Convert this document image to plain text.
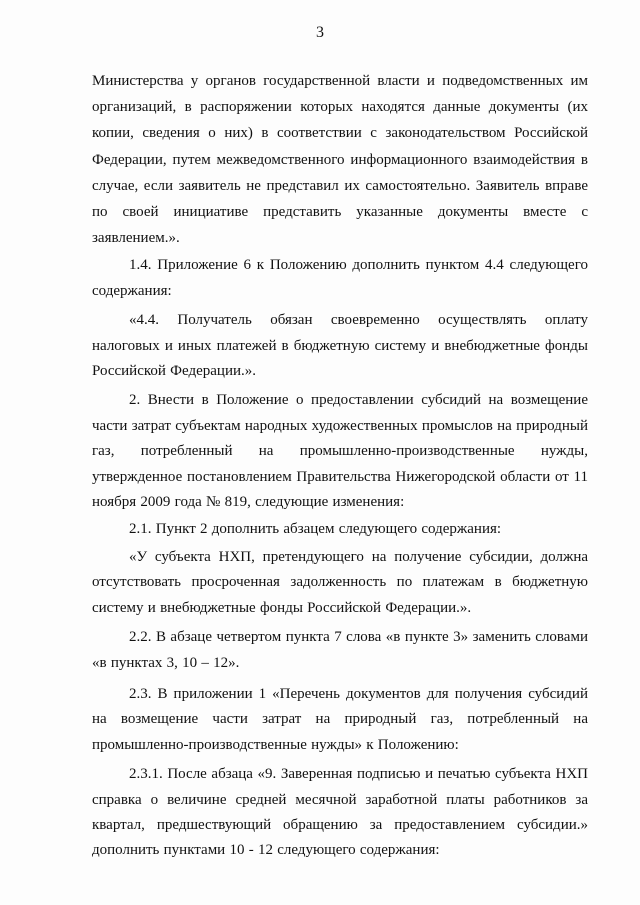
3

Министерства у органов государственной власти и подведомственных им организаций, в распоряжении которых находятся данные документы (их копии, сведения о них) в соответствии с законодательством Российской Федерации, путем межведомственного информационного взаимодействия в случае, если заявитель не представил их самостоятельно. Заявитель вправе по своей инициативе представить указанные документы вместе с заявлением.».

1.4. Приложение 6 к Положению дополнить пунктом 4.4 следующего содержания:

«4.4. Получатель обязан своевременно осуществлять оплату налоговых и иных платежей в бюджетную систему и внебюджетные фонды Российской Федерации.».

2. Внести в Положение о предоставлении субсидий на возмещение части затрат субъектам народных художественных промыслов на природный газ, потребленный на промышленно-производственные нужды, утвержденное постановлением Правительства Нижегородской области от 11 ноября 2009 года № 819, следующие изменения:

2.1. Пункт 2 дополнить абзацем следующего содержания:

«У субъекта НХП, претендующего на получение субсидии, должна отсутствовать просроченная задолженность по платежам в бюджетную систему и внебюджетные фонды Российской Федерации.».

2.2. В абзаце четвертом пункта 7 слова «в пункте 3» заменить словами «в пунктах 3, 10 – 12».

2.3. В приложении 1 «Перечень документов для получения субсидий на возмещение части затрат на природный газ, потребленный на промышленно-производственные нужды» к Положению:

2.3.1. После абзаца «9. Заверенная подписью и печатью субъекта НХП справка о величине средней месячной заработной платы работников за квартал, предшествующий обращению за предоставлением субсидии.» дополнить пунктами 10 - 12 следующего содержания:
